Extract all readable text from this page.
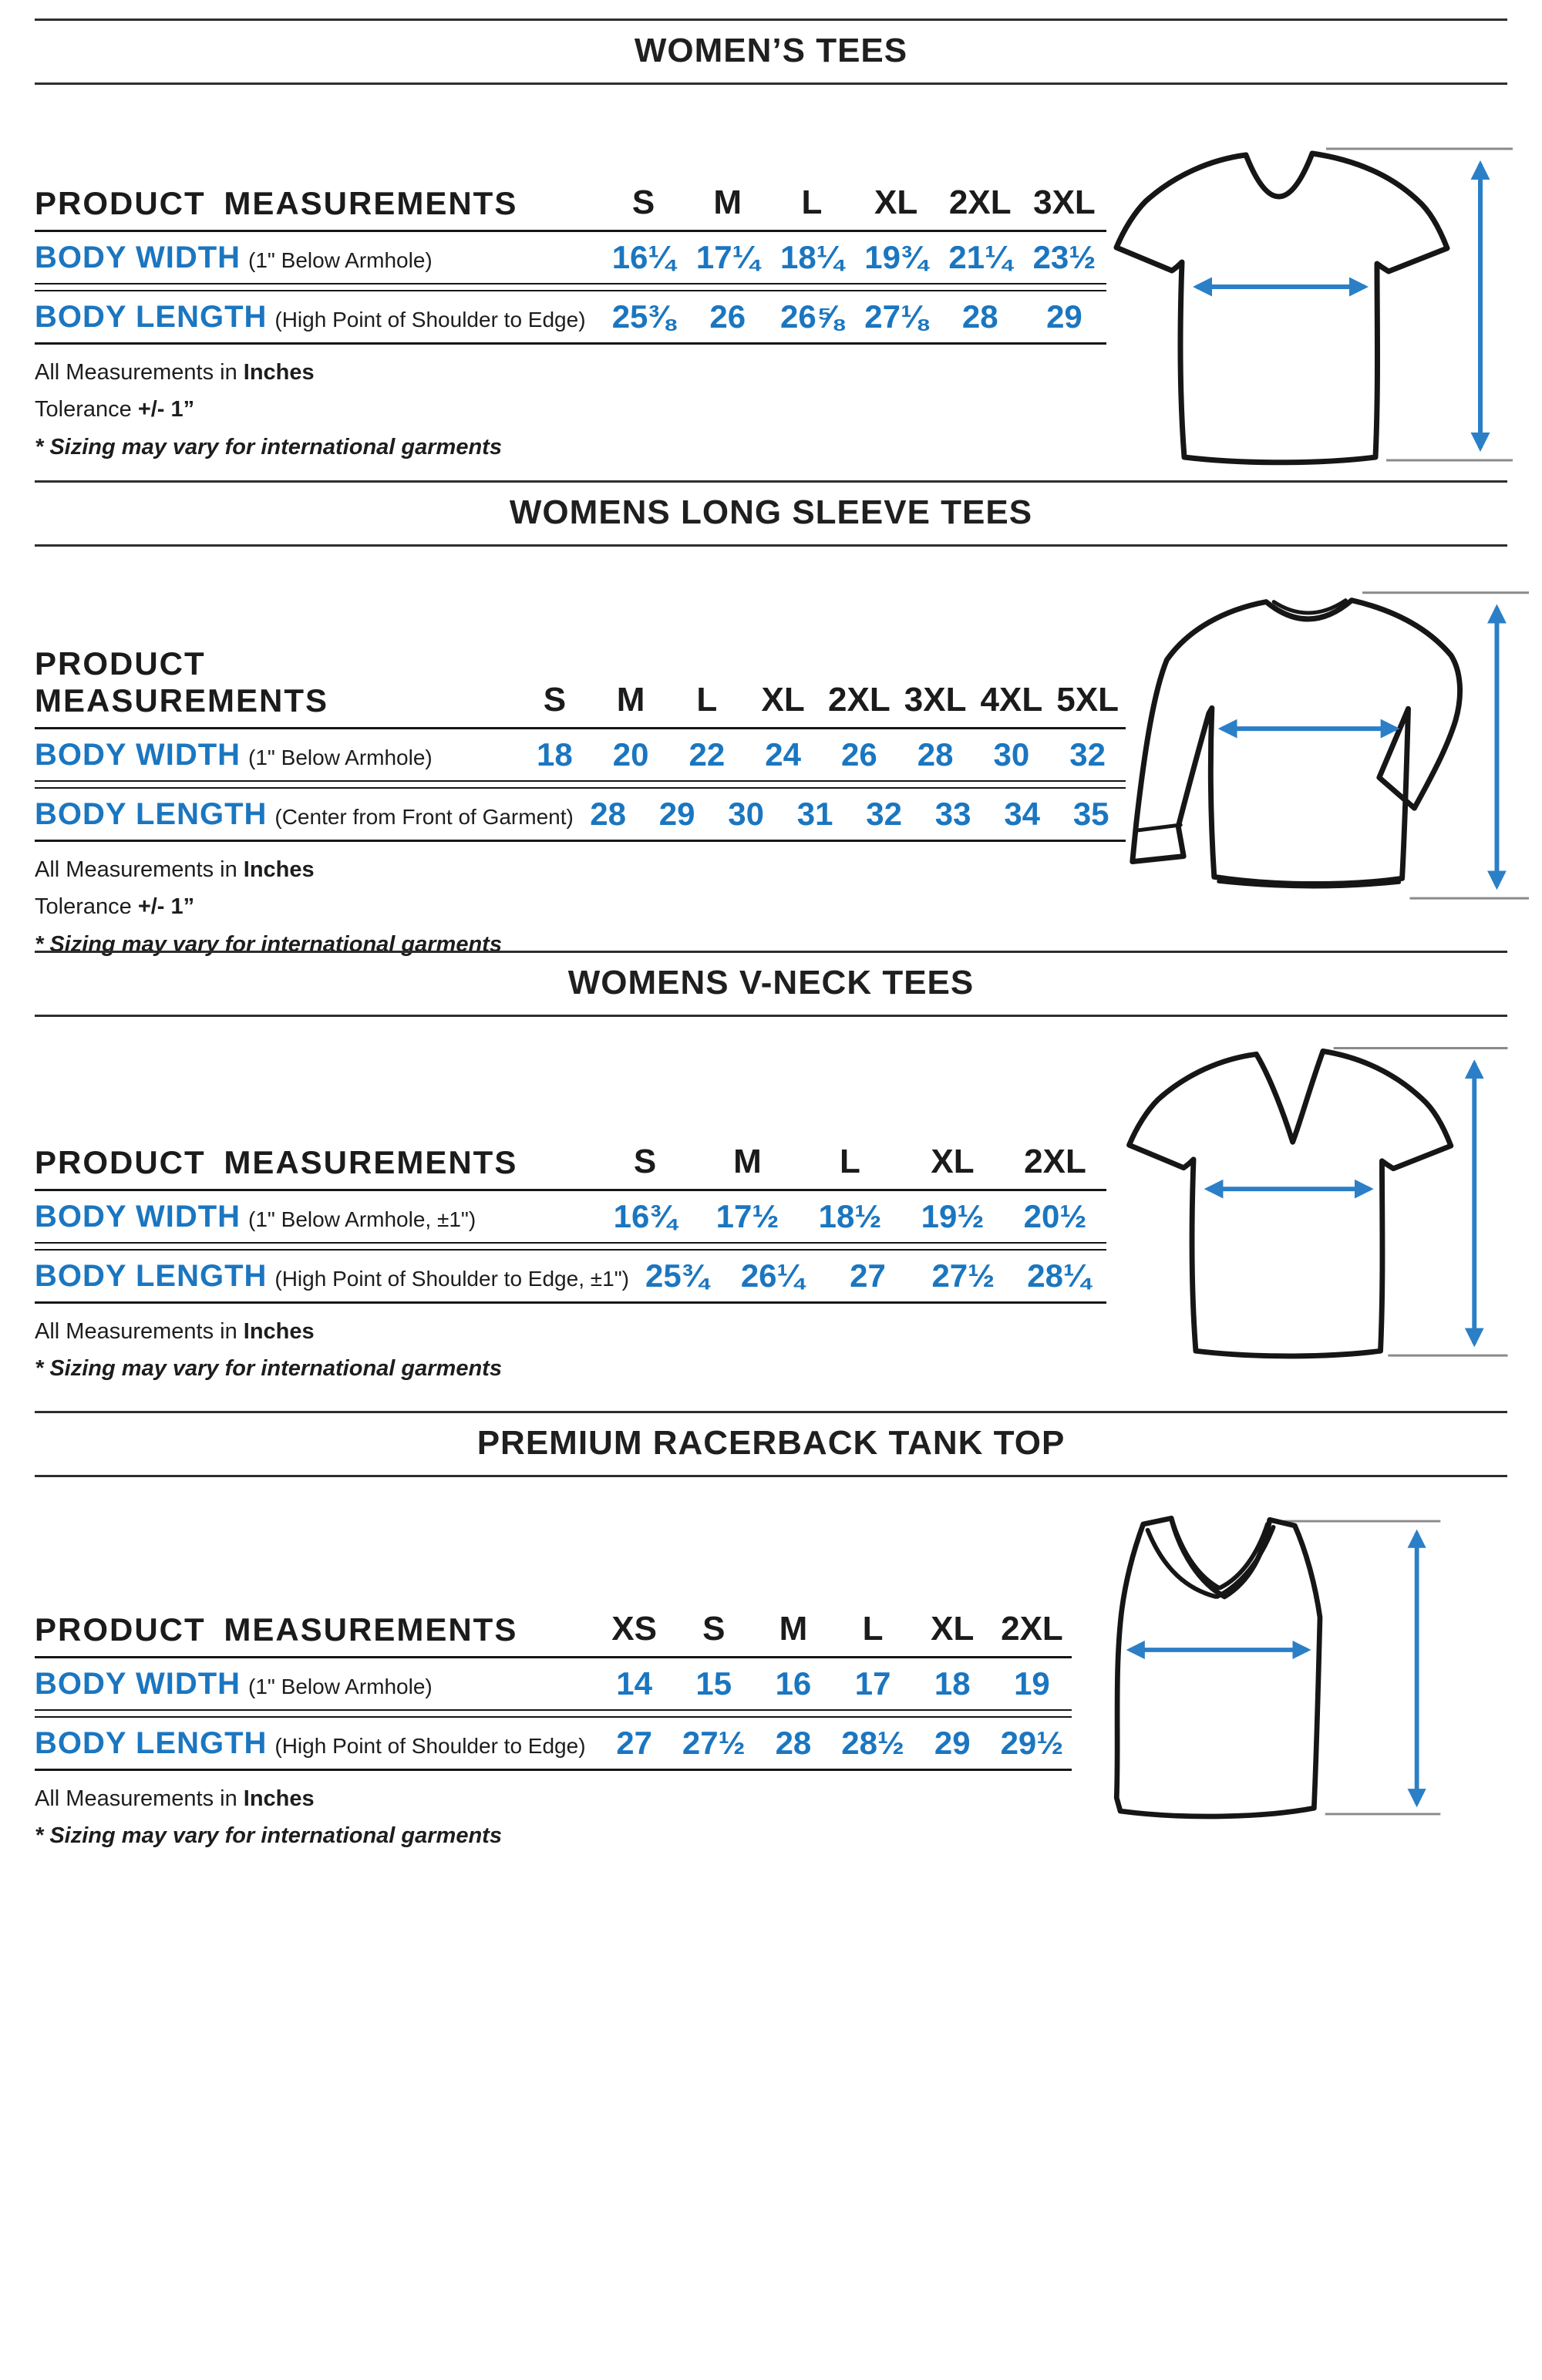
WOMEN’S TEES
PRODUCT MEASUREMENTS	S	M	L	XL 2XL 3XL
BODY WIDTH (1" Below Armhole)	16¼ 17¼ 18¼ 19¾ 21¼ 23½
BODY LENGTH (High Point of Shoulder to Edge) 25⅜	26	26⅝ 27⅛	28	29
All Measurements in Inches
Tolerance +/- 1”
* Sizing may vary for international garments
WOMENS LONG SLEEVE TEES
PRODUCT MEASUREMENTS	S	M	L	XL 2XL 3XL 4XL 5XL
BODY WIDTH (1" Below Armhole)	18	20	22	24	26	28	30	32
BODY LENGTH (Center from Front of Garment) 28	29	30	31	32	33	34	35
All Measurements in Inches
Tolerance +/- 1”
* Sizing may vary for international garments
WOMENS V-NECK TEES
PRODUCT MEASUREMENTS	S	M	L	XL	2XL
BODY WIDTH (1" Below Armhole, ±1")	16¾	17½	18½	19½	20½
BODY LENGTH (High Point of Shoulder to Edge, ±1") 25¾	26¼	27	27½	28¼
All Measurements in Inches
* Sizing may vary for international garments
PREMIUM RACERBACK TANK TOP
PRODUCT MEASUREMENTS	XS	S	M	L	XL 2XL
BODY WIDTH (1" Below Armhole)	14	15	16	17	18	19
BODY LENGTH (High Point of Shoulder to Edge) 27 27½ 28 28½ 29 29½
All Measurements in Inches
* Sizing may vary for international garments
